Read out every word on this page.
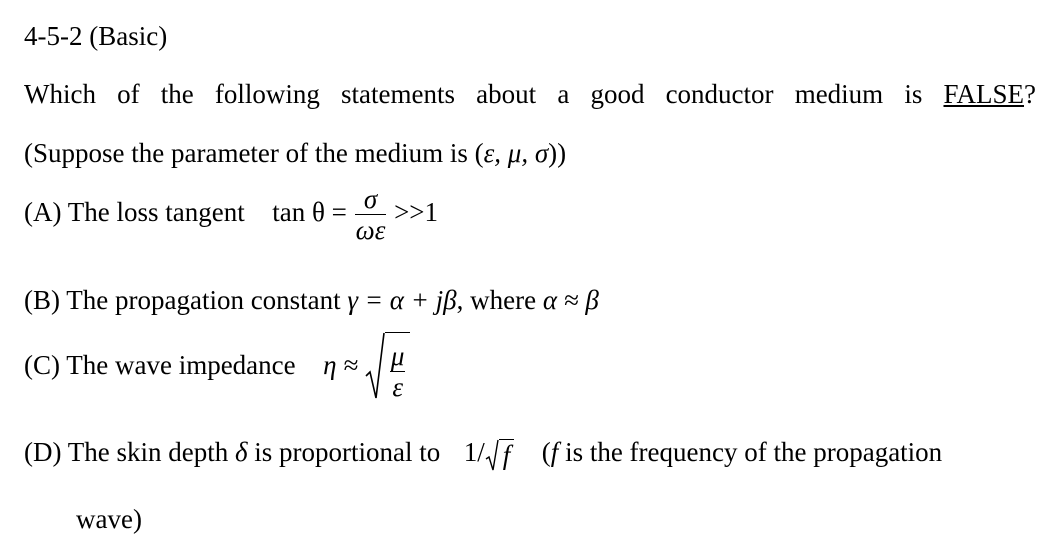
4-5-2 (Basic)
Which of the following statements about a good conductor medium is FALSE?
(Suppose the parameter of the medium is (ε, μ, σ))
(A) The loss tangent $\tan \theta = \frac{\sigma}{\omega\varepsilon} >>1$
(B) The propagation constant γ = α + jβ, where α ≈ β
(C) The wave impedance $\eta \approx \frac{\mu}{\varepsilon}$
(D) The skin depth δ is proportional to 1/ f (f is the frequency of the propagation
wave)
